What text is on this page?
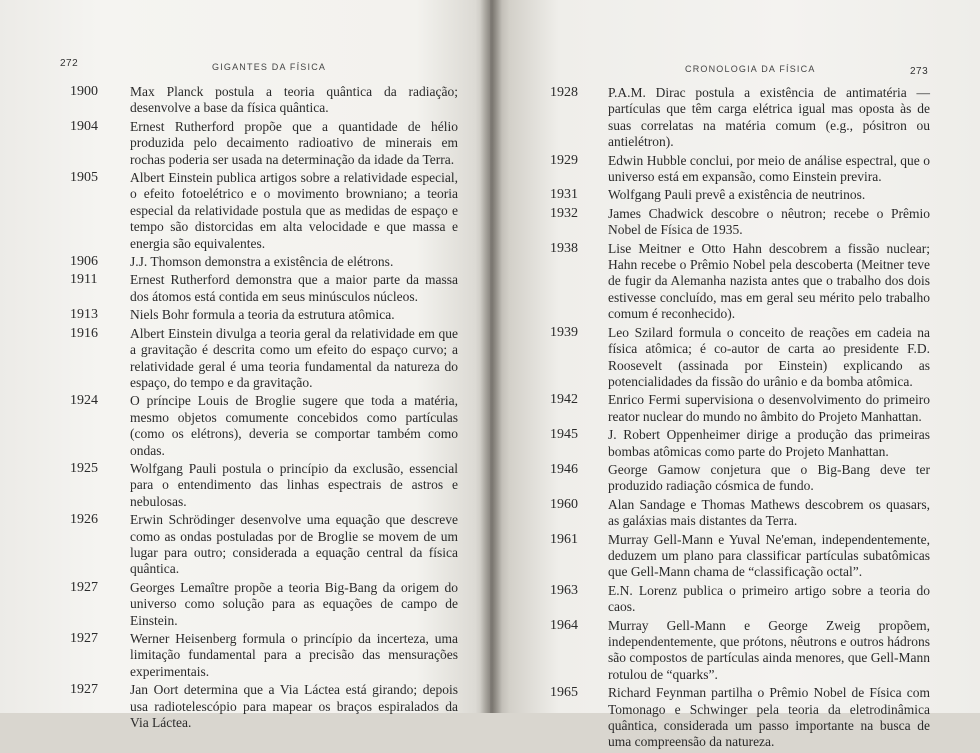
272	GIGANTES DA FÍSICA
1900	Max Planck postula a teoria quântica da radiação; desenvolve a base da física quântica.
1904	Ernest Rutherford propõe que a quantidade de hélio produzida pelo decaimento radioativo de minerais em rochas poderia ser usada na determinação da idade da Terra.
1905	Albert Einstein publica artigos sobre a relatividade especial, o efeito fotoelétrico e o movimento browniano; a teoria especial da relatividade postula que as medidas de espaço e tempo são distorcidas em alta velocidade e que massa e energia são equivalentes.
1906	J.J. Thomson demonstra a existência de elétrons.
1911	Ernest Rutherford demonstra que a maior parte da massa dos átomos está contida em seus minúsculos núcleos.
1913	Niels Bohr formula a teoria da estrutura atômica.
1916	Albert Einstein divulga a teoria geral da relatividade em que a gravitação é descrita como um efeito do espaço curvo; a relatividade geral é uma teoria fundamental da natureza do espaço, do tempo e da gravitação.
1924	O príncipe Louis de Broglie sugere que toda a matéria, mesmo objetos comumente concebidos como partículas (como os elétrons), deveria se comportar também como ondas.
1925	Wolfgang Pauli postula o princípio da exclusão, essencial para o entendimento das linhas espectrais de astros e nebulosas.
1926	Erwin Schrödinger desenvolve uma equação que descreve como as ondas postuladas por de Broglie se movem de um lugar para outro; considerada a equação central da física quântica.
1927	Georges Lemaître propõe a teoria Big-Bang da origem do universo como solução para as equações de campo de Einstein.
1927	Werner Heisenberg formula o princípio da incerteza, uma limitação fundamental para a precisão das mensurações experimentais.
1927	Jan Oort determina que a Via Láctea está girando; depois usa radiotelescópio para mapear os braços espiralados da Via Láctea.
CRONOLOGIA DA FÍSICA	273
1928	P.A.M. Dirac postula a existência de antimatéria — partículas que têm carga elétrica igual mas oposta às de suas correlatas na matéria comum (e.g., pósitron ou antielétron).
1929	Edwin Hubble conclui, por meio de análise espectral, que o universo está em expansão, como Einstein previra.
1931	Wolfgang Pauli prevê a existência de neutrinos.
1932	James Chadwick descobre o nêutron; recebe o Prêmio Nobel de Física de 1935.
1938	Lise Meitner e Otto Hahn descobrem a fissão nuclear; Hahn recebe o Prêmio Nobel pela descoberta (Meitner teve de fugir da Alemanha nazista antes que o trabalho dos dois estivesse concluído, mas em geral seu mérito pelo trabalho comum é reconhecido).
1939	Leo Szilard formula o conceito de reações em cadeia na física atômica; é co-autor de carta ao presidente F.D. Roosevelt (assinada por Einstein) explicando as potencialidades da fissão do urânio e da bomba atômica.
1942	Enrico Fermi supervisiona o desenvolvimento do primeiro reator nuclear do mundo no âmbito do Projeto Manhattan.
1945	J. Robert Oppenheimer dirige a produção das primeiras bombas atômicas como parte do Projeto Manhattan.
1946	George Gamow conjetura que o Big-Bang deve ter produzido radiação cósmica de fundo.
1960	Alan Sandage e Thomas Mathews descobrem os quasars, as galáxias mais distantes da Terra.
1961	Murray Gell-Mann e Yuval Ne'eman, independentemente, deduzem um plano para classificar partículas subatômicas que Gell-Mann chama de “classificação octal”.
1963	E.N. Lorenz publica o primeiro artigo sobre a teoria do caos.
1964	Murray Gell-Mann e George Zweig propõem, independentemente, que prótons, nêutrons e outros hádrons são compostos de partículas ainda menores, que Gell-Mann rotulou de “quarks”.
1965	Richard Feynman partilha o Prêmio Nobel de Física com Tomonago e Schwinger pela teoria da eletrodinâmica quântica, considerada um passo importante na busca de uma compreensão da natureza.
